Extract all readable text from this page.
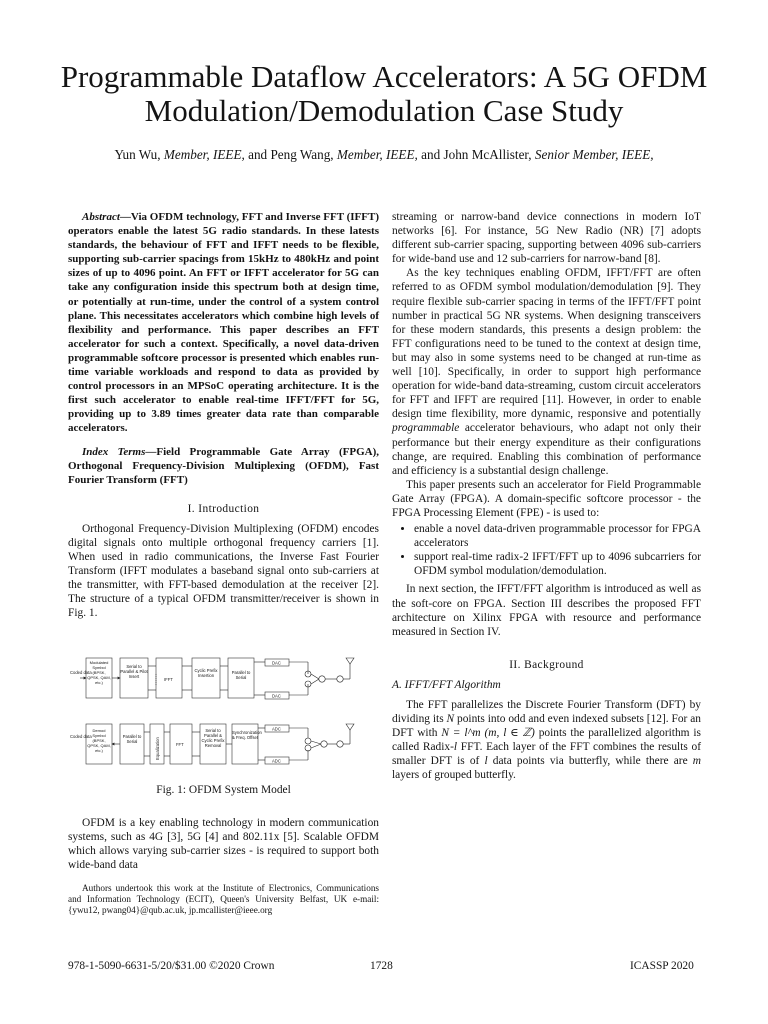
Programmable Dataflow Accelerators: A 5G OFDM
Modulation/Demodulation Case Study
Yun Wu, Member, IEEE, and Peng Wang, Member, IEEE, and John McAllister, Senior Member, IEEE,

Abstract—Via OFDM technology, FFT and Inverse FFT (IFFT) operators enable the latest 5G radio standards. In these latests standards, the behaviour of FFT and IFFT needs to be flexible, supporting sub-carrier spacings from 15kHz to 480kHz and point sizes of up to 4096 point. An FFT or IFFT accelerator for 5G can take any configuration inside this spectrum both at design time, or potentially at run-time, under the control of a system control plane. This necessitates accelerators which combine high levels of flexibility and performance. This paper describes an FFT accelerator for such a context. Specifically, a novel data-driven programmable softcore processor is presented which enables run-time variable workloads and respond to data as provided by control processors in an MPSoC operating architecture. It is the first such accelerator to enable real-time IFFT/FFT for 5G, providing up to 3.89 times greater data rate than comparable accelerators.

Index Terms—Field Programmable Gate Array (FPGA), Orthogonal Frequency-Division Multiplexing (OFDM), Fast Fourier Transform (FFT)

I. Introduction

Orthogonal Frequency-Division Multiplexing (OFDM) encodes digital signals onto multiple orthogonal frequency carriers [1]. When used in radio communications, the Inverse Fast Fourier Transform (IFFT modulates a baseband signal onto sub-carriers at the transmitter, with FFT-based demodulation at the receiver [2]. The structure of a typical OFDM transmitter/receiver is shown in Fig. 1.

Coded data
Modulated Symbol (BPSK, QPSK, QAM, etc.)
Serial to Parallel & Pilot Insert
IFFT
Cyclic Prefix Insertion
Parallel to Serial
DAC
DAC
Coded data
Demod Symbol (BPSK, QPSK, QAM, etc.)
Parallel to Serial	Equalization	FFT
Serial to Parallel & Cyclic Prefix Removal
Synchronization & Freq. Offset
ADC
ADC
Fig. 1: OFDM System Model

OFDM is a key enabling technology in modern communication systems, such as 4G [3], 5G [4] and 802.11x [5]. Scalable OFDM which allows varying sub-carrier sizes - is required to support both wide-band data

Authors undertook this work at the Institute of Electronics, Communications and Information Technology (ECIT), Queen's University Belfast, UK e-mail: {ywu12, pwang04}@qub.ac.uk, jp.mcallister@ieee.org

streaming or narrow-band device connections in modern IoT networks [6]. For instance, 5G New Radio (NR) [7] adopts different sub-carrier spacing, supporting between 4096 sub-carriers for wide-band use and 12 sub-carriers for narrow-band [8].

As the key techniques enabling OFDM, IFFT/FFT are often referred to as OFDM symbol modulation/demodulation [9]. They require flexible sub-carrier spacing in terms of the IFFT/FFT point number in practical 5G NR systems. When designing transceivers for these modern standards, this presents a design problem: the FFT configurations need to be tuned to the context at design time, but may also in some systems need to be changed at run-time as well [10]. Specifically, in order to support high performance operation for wide-band data-streaming, custom circuit accelerators for FFT and IFFT are required [11]. However, in order to enable design time flexibility, more dynamic, responsive and potentially programmable accelerator behaviours, who adapt not only their performance but their energy expenditure as their configurations change, are required. Enabling this combination of performance and efficiency is a substantial design challenge.

This paper presents such an accelerator for Field Programmable Gate Array (FPGA). A domain-specific softcore processor - the FPGA Processing Element (FPE) - is used to:

• enable a novel data-driven programmable processor for FPGA accelerators
• support real-time radix-2 IFFT/FFT up to 4096 subcarriers for OFDM symbol modulation/demodulation.

In next section, the IFFT/FFT algorithm is introduced as well as the soft-core on FPGA. Section III describes the proposed FFT architecture on Xilinx FPGA with resource and performance measured in Section IV.

II. Background

A. IFFT/FFT Algorithm

The FFT parallelizes the Discrete Fourier Transform (DFT) by dividing its N points into odd and even indexed subsets [12]. For an DFT with N = l^m (m, l ∈ ℤ) points the parallelized algorithm is called Radix-l FFT. Each layer of the FFT combines the results of smaller DFT is of l data points via butterfly, while there are m layers of grouped butterfly.

978-1-5090-6631-5/20/$31.00 ©2020 Crown	1728	ICASSP 2020
